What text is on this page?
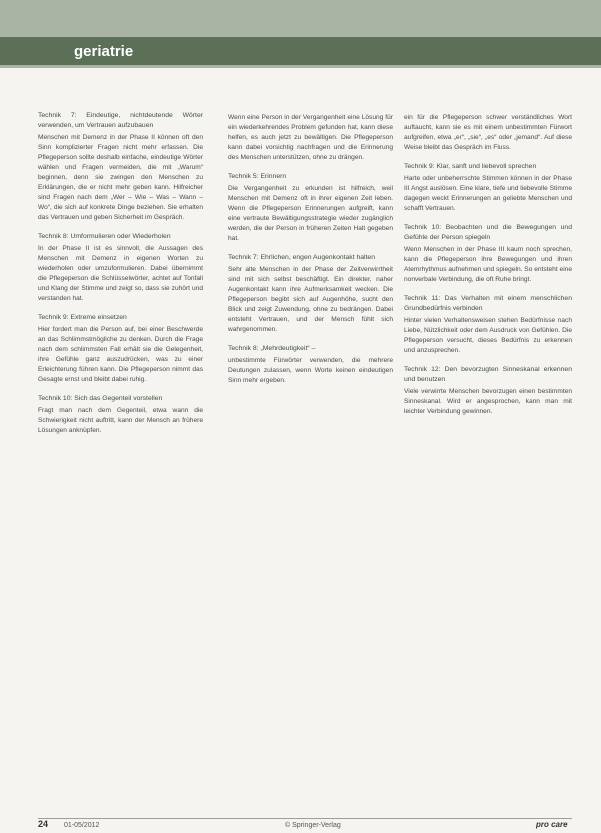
geriatrie
Technik 7: Eindeutige, nichtdeutende Wörter verwenden, um Vertrauen aufzubauen

Menschen mit Demenz in der Phase II können oft den Sinn komplizierter Fragen nicht mehr erfassen. Die Pflegeperson sollte deshalb einfache, eindeutige Wörter wählen und Fragen vermeiden, die mit „Warum“ beginnen, denn sie zwingen den Menschen zu Erklärungen, die er nicht mehr geben kann. Hilfreicher sind Fragen nach dem „Wer – Wie – Was – Wann – Wo“, die sich auf konkrete Dinge beziehen. Sie erhalten das Vertrauen und geben Sicherheit im Gespräch.

Technik 8: Umformulieren oder Wiederholen

In der Phase II ist es sinnvoll, die Aussagen des Menschen mit Demenz in eigenen Worten zu wiederholen oder umzuformulieren. Dabei übernimmt die Pflegeperson die Schlüsselwörter, achtet auf Tonfall und Klang der Stimme und zeigt so, dass sie zuhört und verstanden hat.

Technik 9: Extreme einsetzen

Hier fordert man die Person auf, bei einer Beschwerde an das Schlimmstmögliche zu denken. Durch die Frage nach dem schlimmsten Fall erhält sie die Gelegenheit, ihre Gefühle ganz auszudrücken, was zu einer Erleichterung führen kann. Die Pflegeperson nimmt das Gesagte ernst und bleibt dabei ruhig.

Technik 10: Sich das Gegenteil vorstellen

Fragt man nach dem Gegenteil, etwa wann die Schwierigkeit nicht auftritt, kann der Mensch an frühere Lösungen anknüpfen.

Wenn eine Person in der Vergangenheit eine Lösung für ein wiederkehrendes Problem gefunden hat, kann diese helfen, es auch jetzt zu bewältigen. Die Pflegeperson kann dabei vorsichtig nachfragen und die Erinnerung des Menschen unterstützen, ohne zu drängen.

Technik 5: Erinnern

Die Vergangenheit zu erkunden ist hilfreich, weil Menschen mit Demenz oft in ihrer eigenen Zeit leben. Wenn die Pflegeperson Erinnerungen aufgreift, kann eine vertraute Bewältigungsstrategie wieder zugänglich werden, die der Person in früheren Zeiten Halt gegeben hat.

Technik 7: Ehrlichen, engen Augenkontakt halten

Sehr alte Menschen in der Phase der Zeitverwirrtheit sind mit sich selbst beschäftigt. Ein direkter, naher Augenkontakt kann ihre Aufmerksamkeit wecken. Die Pflegeperson begibt sich auf Augenhöhe, sucht den Blick und zeigt Zuwendung, ohne zu bedrängen. Dabei entsteht Vertrauen, und der Mensch fühlt sich wahrgenommen.

Technik 8: „Mehrdeutigkeit“ –

unbestimmte Fürwörter verwenden, die mehrere Deutungen zulassen, wenn Worte keinen eindeutigen Sinn mehr ergeben.

ein für die Pflegeperson schwer verständliches Wort auftaucht, kann sie es mit einem unbestimmten Fürwort aufgreifen, etwa „er“, „sie“, „es“ oder „jemand“. Auf diese Weise bleibt das Gespräch im Fluss.

Technik 9: Klar, sanft und liebevoll sprechen

Harte oder unbeherrschte Stimmen können in der Phase III Angst auslösen. Eine klare, tiefe und liebevolle Stimme dagegen weckt Erinnerungen an geliebte Menschen und schafft Vertrauen.

Technik 10: Beobachten und die Bewegungen und Gefühle der Person spiegeln

Wenn Menschen in der Phase III kaum noch sprechen, kann die Pflegeperson ihre Bewegungen und ihren Atemrhythmus aufnehmen und spiegeln. So entsteht eine nonverbale Verbindung, die oft Ruhe bringt.

Technik 11: Das Verhalten mit einem menschlichen Grundbedürfnis verbinden

Hinter vielen Verhaltensweisen stehen Bedürfnisse nach Liebe, Nützlichkeit oder dem Ausdruck von Gefühlen. Die Pflegeperson versucht, dieses Bedürfnis zu erkennen und anzusprechen.

Technik 12: Den bevorzugten Sinneskanal erkennen und benutzen

Viele verwirrte Menschen bevorzugen einen bestimmten Sinneskanal. Wird er angesprochen, kann man mit leichter Verbindung gewinnen.

24 01-05/2012	© Springer-Verlag	pro care
